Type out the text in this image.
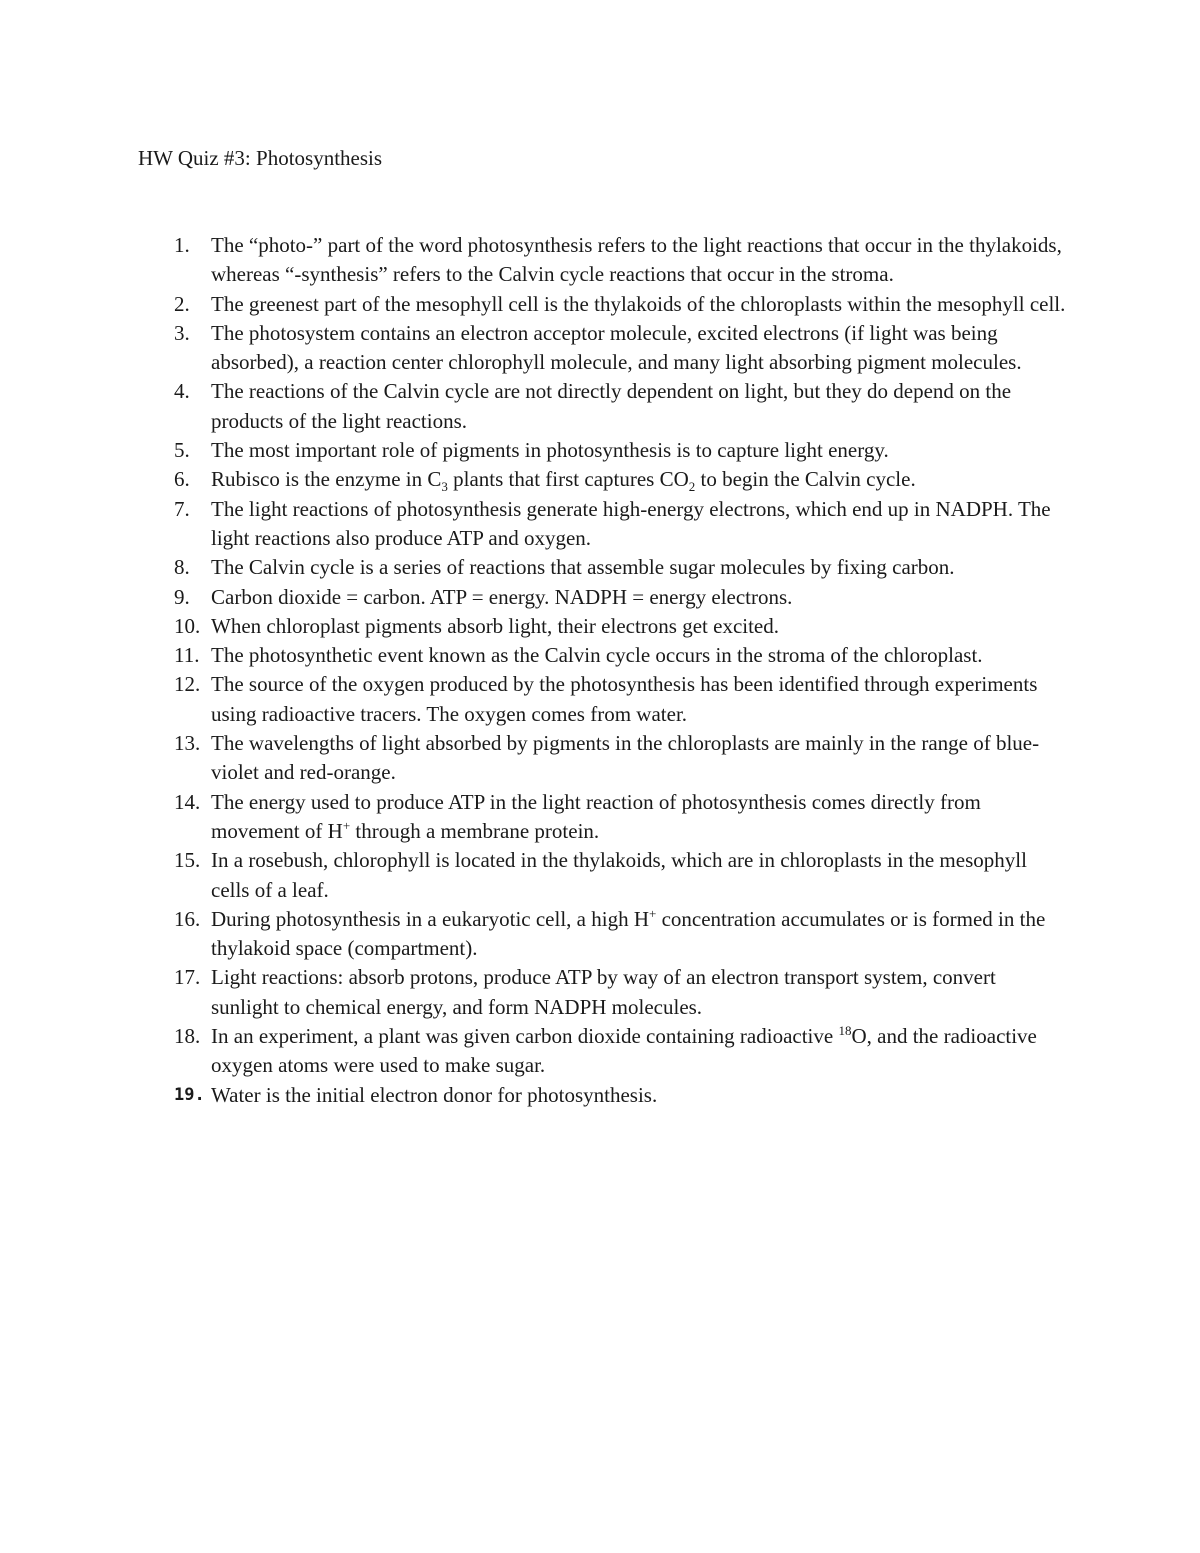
HW Quiz #3: Photosynthesis
1.	The “photo-” part of the word photosynthesis refers to the light reactions that occur in the thylakoids, whereas “-synthesis” refers to the Calvin cycle reactions that occur in the stroma.
2.	The greenest part of the mesophyll cell is the thylakoids of the chloroplasts within the mesophyll cell.
3.	The photosystem contains an electron acceptor molecule, excited electrons (if light was being absorbed), a reaction center chlorophyll molecule, and many light absorbing pigment molecules.
4.	The reactions of the Calvin cycle are not directly dependent on light, but they do depend on the products of the light reactions.
5.	The most important role of pigments in photosynthesis is to capture light energy.
6.	Rubisco is the enzyme in $C_3$ plants that first captures $CO_2$ to begin the Calvin cycle.
7.	The light reactions of photosynthesis generate high-energy electrons, which end up in NADPH. The light reactions also produce ATP and oxygen.
8.	The Calvin cycle is a series of reactions that assemble sugar molecules by fixing carbon.
9.	Carbon dioxide = carbon. ATP = energy. NADPH = energy electrons.
10. When chloroplast pigments absorb light, their electrons get excited.
11. The photosynthetic event known as the Calvin cycle occurs in the stroma of the chloroplast.
12. The source of the oxygen produced by the photosynthesis has been identified through experiments using radioactive tracers. The oxygen comes from water.
13. The wavelengths of light absorbed by pigments in the chloroplasts are mainly in the range of blue-violet and red-orange.
14. The energy used to produce ATP in the light reaction of photosynthesis comes directly from movement of H+ through a membrane protein.
15. In a rosebush, chlorophyll is located in the thylakoids, which are in chloroplasts in the mesophyll cells of a leaf.
16. During photosynthesis in a eukaryotic cell, a high H+ concentration accumulates or is formed in the thylakoid space (compartment).
17. Light reactions: absorb protons, produce ATP by way of an electron transport system, convert sunlight to chemical energy, and form NADPH molecules.
18. In an experiment, a plant was given carbon dioxide containing radioactive $^{18}$O, and the radioactive oxygen atoms were used to make sugar.
19. Water is the initial electron donor for photosynthesis.
